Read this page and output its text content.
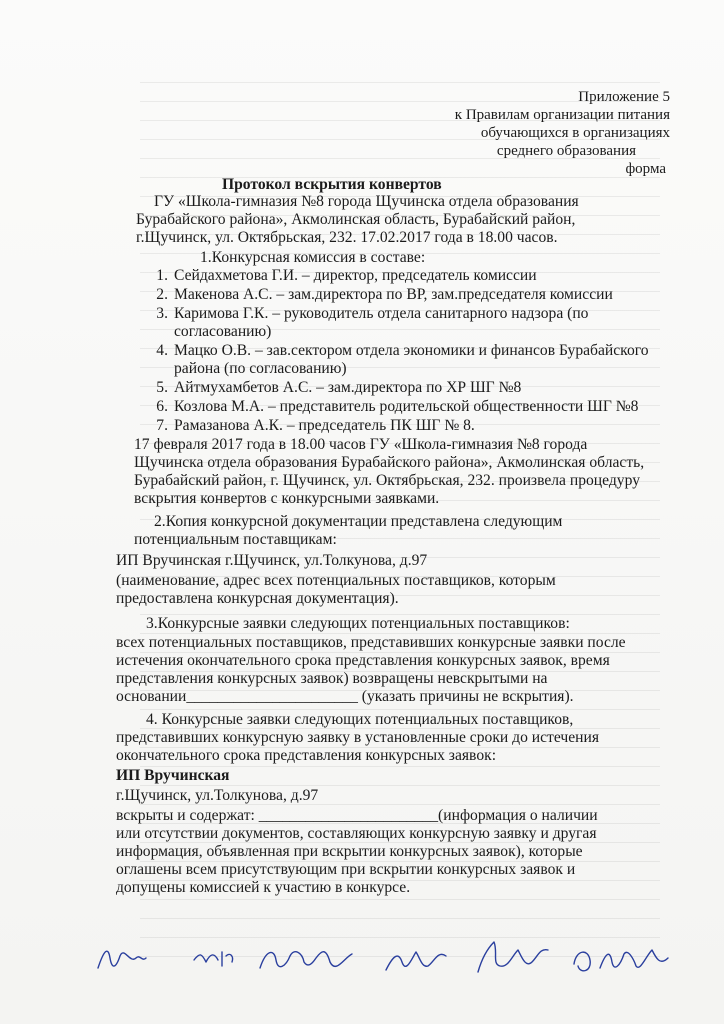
Приложение 5
к Правилам организации питания
обучающихся в организациях
среднего образования
форма
Протокол вскрытия конвертов
ГУ «Школа-гимназия №8 города Щучинска отдела образования
Бурабайского района», Акмолинская область, Бурабайский район,
г.Щучинск, ул. Октябрьская, 232. 17.02.2017 года в 18.00 часов.
1.Конкурсная комиссия в составе:
1. Сейдахметова Г.И. – директор, председатель комиссии
2. Макенова А.С. – зам.директора по ВР, зам.председателя комиссии
3. Каримова Г.К. – руководитель отдела санитарного надзора (по
согласованию)
4. Мацко О.В. – зав.сектором отдела экономики и финансов Бурабайского
района (по согласованию)
5. Айтмухамбетов А.С. – зам.директора по ХР ШГ №8
6. Козлова М.А. – представитель родительской общественности ШГ №8
7. Рамазанова А.К. – председатель ПК ШГ № 8.
17 февраля 2017 года в 18.00 часов ГУ «Школа-гимназия №8 города
Щучинска отдела образования Бурабайского района», Акмолинская область,
Бурабайский район, г. Щучинск, ул. Октябрьская, 232. произвела процедуру
вскрытия конвертов с конкурсными заявками.
2.Копия конкурсной документации представлена следующим
потенциальным поставщикам:
ИП Вручинская г.Щучинск, ул.Толкунова, д.97
(наименование, адрес всех потенциальных поставщиков, которым
предоставлена конкурсная документация).
3.Конкурсные заявки следующих потенциальных поставщиков:
всех потенциальных поставщиков, представивших конкурсные заявки после
истечения окончательного срока представления конкурсных заявок, время
представления конкурсных заявок) возвращены невскрытыми на
основании______________________ (указать причины не вскрытия).
4. Конкурсные заявки следующих потенциальных поставщиков,
представивших конкурсную заявку в установленные сроки до истечения
окончательного срока представления конкурсных заявок:
ИП Вручинская
г.Щучинск, ул.Толкунова, д.97
вскрыты и содержат: _______________________(информация о наличии
или отсутствии документов, составляющих конкурсную заявку и другая
информация, объявленная при вскрытии конкурсных заявок), которые
оглашены всем присутствующим при вскрытии конкурсных заявок и
допущены комиссией к участию в конкурсе.
